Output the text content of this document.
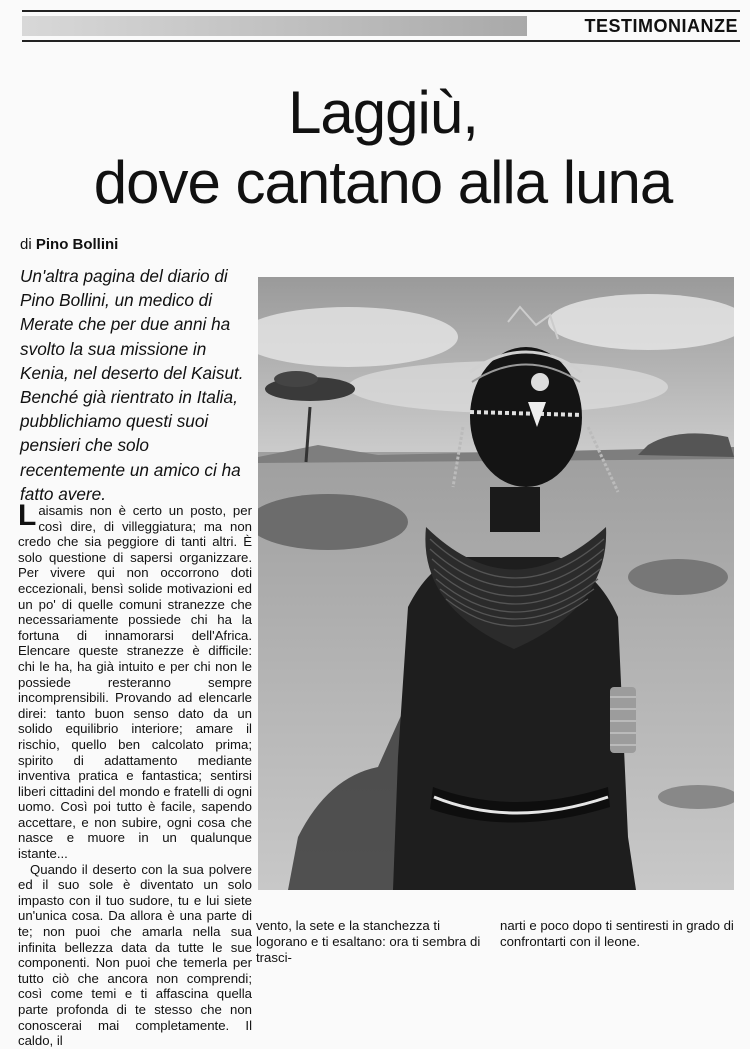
TESTIMONIANZE
Laggiù,
dove cantano alla luna
di Pino Bollini
Un'altra pagina del diario di Pino Bollini, un medico di Merate che per due anni ha svolto la sua missione in Kenia, nel deserto del Kaisut. Benché già rientrato in Italia, pubblichiamo questi suoi pensieri che solo recentemente un amico ci ha fatto avere.

Laisamis non è certo un posto, per così dire, di villeggiatura; ma non credo che sia peggiore di tanti altri. È solo questione di sapersi organizzare. Per vivere qui non occorrono doti eccezionali, bensì solide motivazioni ed un po' di quelle comuni stranezze che necessariamente possiede chi ha la fortuna di innamorarsi dell'Africa. Elencare queste stranezze è difficile: chi le ha, ha già intuito e per chi non le possiede resteranno sempre incomprensibili. Provando ad elencarle direi: tanto buon senso dato da un solido equilibrio interiore; amare il rischio, quello ben calcolato prima; spirito di adattamento mediante inventiva pratica e fantastica; sentirsi liberi cittadini del mondo e fratelli di ogni uomo. Così poi tutto è facile, sapendo accettare, e non subire, ogni cosa che nasce e muore in un qualunque istante...

Quando il deserto con la sua polvere ed il suo sole è diventato un solo impasto con il tuo sudore, tu e lui siete un'unica cosa. Da allora è una parte di te; non puoi che amarla nella sua infinita bellezza data da tutte le sue componenti. Non puoi che temerla per tutto ciò che ancora non comprendi; così come temi e ti affascina quella parte profonda di te stesso che non conoscerai mai completamente. Il caldo, il

vento, la sete e la stanchezza ti logorano e ti esaltano: ora ti sembra di trasci-
narti e poco dopo ti sentiresti in grado di confrontarti con il leone.
